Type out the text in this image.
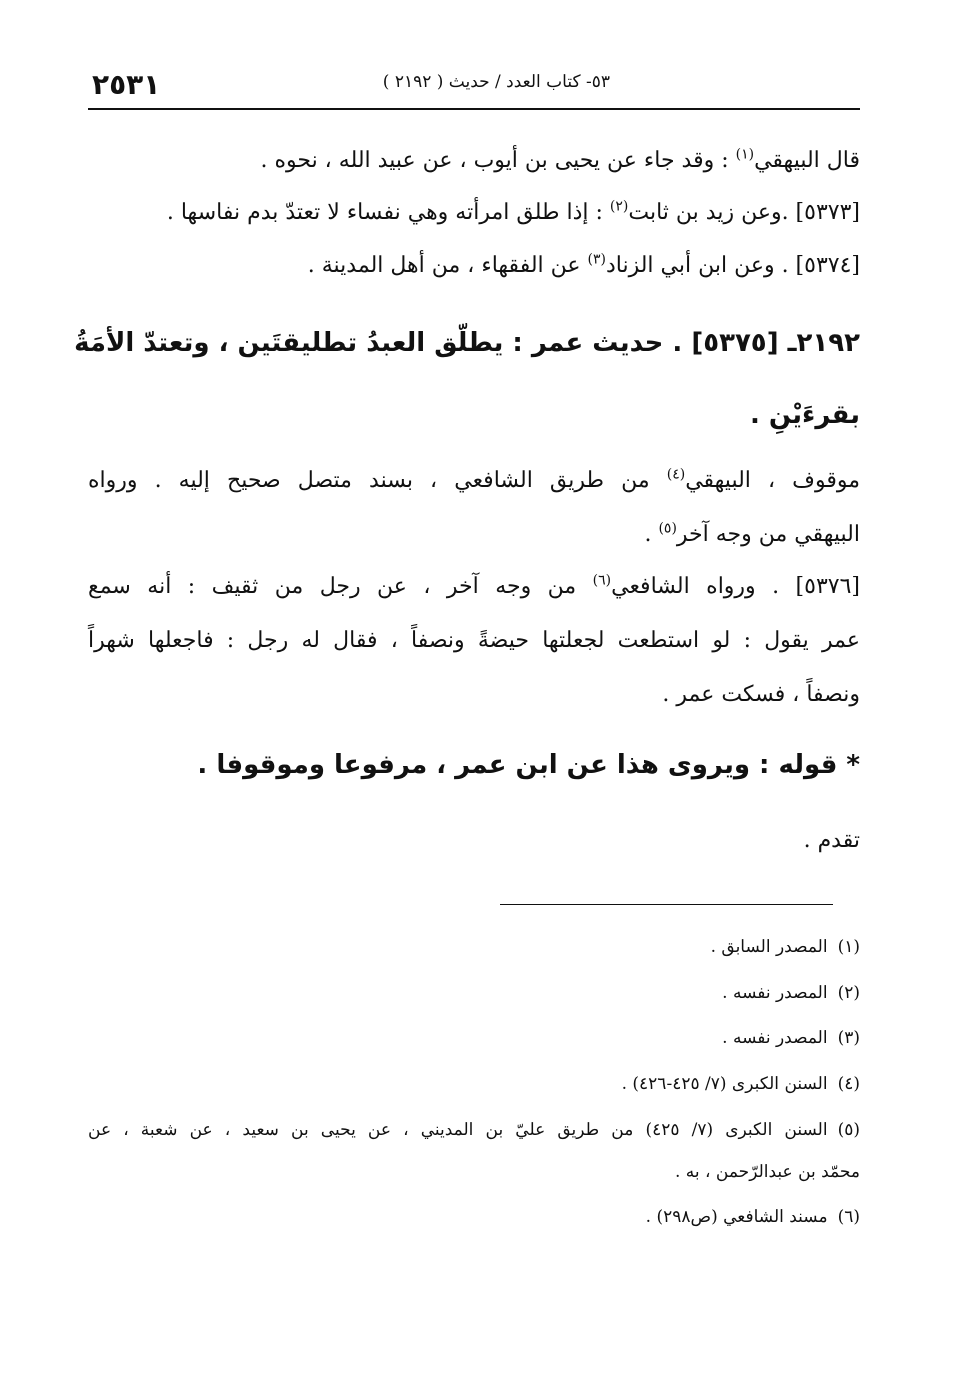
٢٥٣١	٥٣- كتاب العدد / حديث ( ٢١٩٢ )
قال البيهقي$^{(١)}$ : وقد جاء عن يحيى بن أيوب ، عن عبيد الله ، نحوه .
[٥٣٧٣] .وعن زيد بن ثابت$^{(٢)}$ : إذا طلق امرأته وهي نفساء لا تعتدّ بدم نفاسها .
[٥٣٧٤] . وعن ابن أبي الزناد$^{(٣)}$ عن الفقهاء ، من أهل المدينة .
٢١٩٢ـ [٥٣٧٥] . حديث عمر : يطلّق العبدُ تطليقتَين ، وتعتدّ الأمَةُ
بقرءَيْنِ .
موقوف ، البيهقي$^{(٤)}$ من طريق الشافعي ، بسند متصل صحيح إليه . ورواه
البيهقي من وجه آخر$^{(٥)}$ .
[٥٣٧٦] . ورواه الشافعي$^{(٦)}$ من وجه آخر ، عن رجل من ثقيف : أنه سمع
عمر يقول : لو استطعت لجعلتها حيضةً ونصفاً ، فقال له رجل : فاجعلها شهراً
ونصفاً ، فسكت عمر .
* قوله : ويروى هذا عن ابن عمر ، مرفوعا وموقوفا .
تقدم .
(١)المصدر السابق .
(٢)المصدر نفسه .
(٣)المصدر نفسه .
(٤)السنن الكبرى (٧/ ٤٢٥-٤٢٦) .
(٥)السنن الكبرى (٧/ ٤٢٥) من طريق عليّ بن المديني ، عن يحيى بن سعيد ، عن شعبة ، عن
محمّد بن عبدالرّحمن ، به .
(٦)مسند الشافعي (ص٢٩٨) .
